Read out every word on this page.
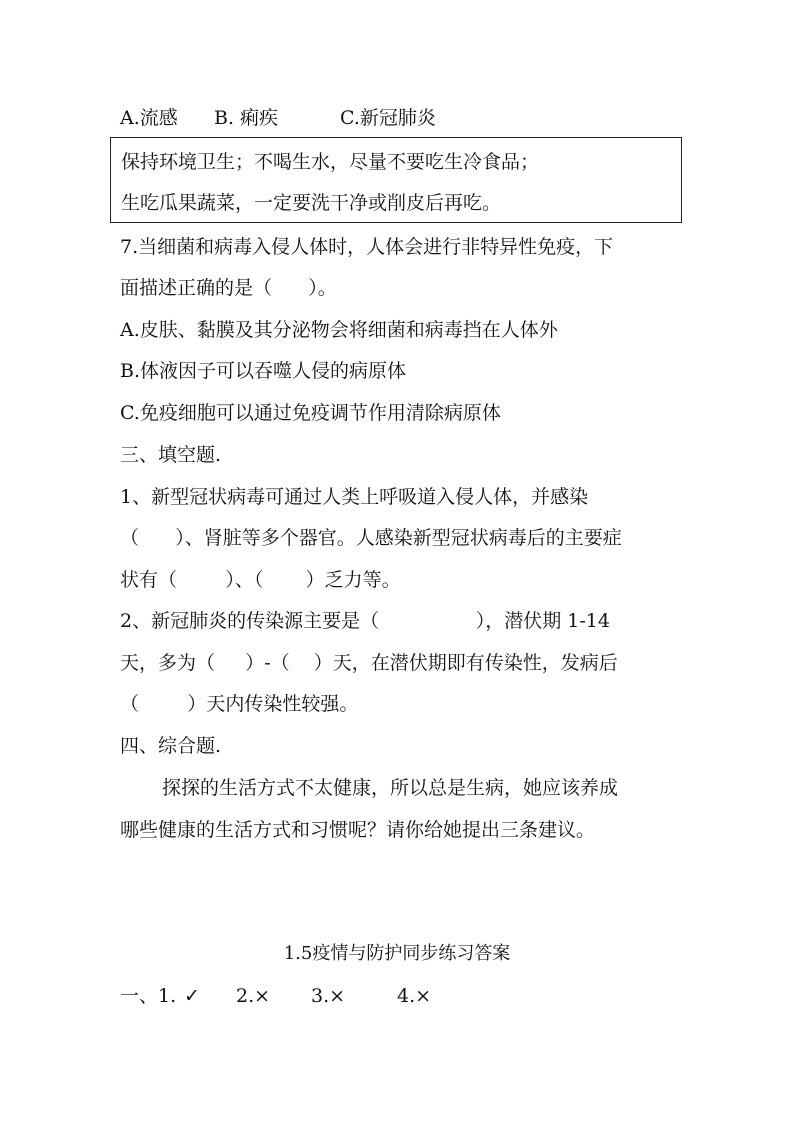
A.流感 B. 痢疾	C.新冠肺炎
保持环境卫生；不喝生水，尽量不要吃生冷食品；
生吃瓜果蔬菜，一定要洗干净或削皮后再吃。
7.当细菌和病毒入侵人体时，人体会进行非特异性免疫，下
面描述正确的是（      ）。
A.皮肤、黏膜及其分泌物会将细菌和病毒挡在人体外
B.体液因子可以吞噬人侵的病原体
C.免疫细胞可以通过免疫调节作用清除病原体
三、填空题.
1、新型冠状病毒可通过人类上呼吸道入侵人体，并感染
（      ）、肾脏等多个器官。人感染新型冠状病毒后的主要症
状有（        ）、（       ）乏力等。
2、新冠肺炎的传染源主要是（                ），潜伏期 1-14
天，多为（     ）-（    ）天，在潜伏期即有传染性，发病后
（        ）天内传染性较强。
四、综合题.
探探的生活方式不太健康，所以总是生病，她应该养成
哪些健康的生活方式和习惯呢？请你给她提出三条建议。
1.5疫情与防护同步练习答案
一、1. ✓ 2.× 3.×	4.×
